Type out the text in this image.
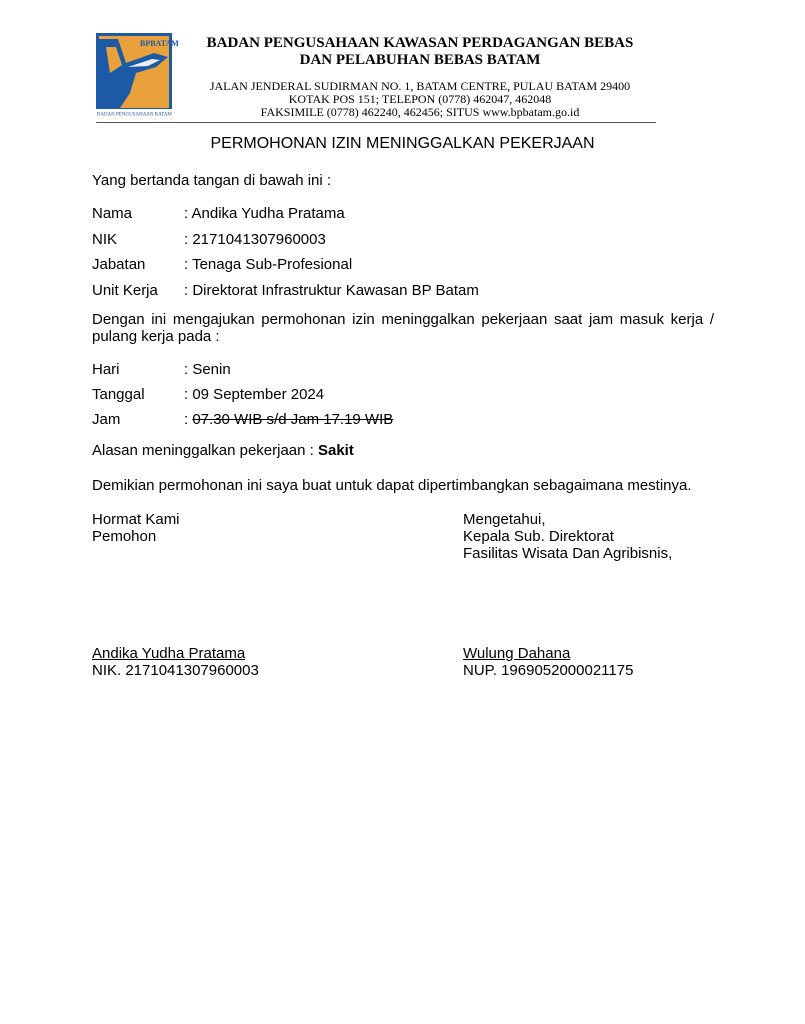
BPBATAM
BADAN PENGUSAHAAN BATAM
BADAN PENGUSAHAAN KAWASAN PERDAGANGAN BEBAS
DAN PELABUHAN BEBAS BATAM
JALAN JENDERAL SUDIRMAN NO. 1, BATAM CENTRE, PULAU BATAM 29400
KOTAK POS 151; TELEPON (0778) 462047, 462048
FAKSIMILE (0778) 462240, 462456; SITUS www.bpbatam.go.id
PERMOHONAN IZIN MENINGGALKAN PEKERJAAN
Yang bertanda tangan di bawah ini :
Nama	: Andika Yudha Pratama
NIK	: 2171041307960003
Jabatan	: Tenaga Sub-Profesional
Unit Kerja : Direktorat Infrastruktur Kawasan BP Batam
Dengan ini mengajukan permohonan izin meninggalkan pekerjaan saat jam masuk kerja / pulang kerja pada :
Hari	: Senin
Tanggal	: 09 September 2024
Jam	: 07.30 WIB s/d Jam 17.19 WIB
Alasan meninggalkan pekerjaan : Sakit
Demikian permohonan ini saya buat untuk dapat dipertimbangkan sebagaimana mestinya.
Hormat Kami
Pemohon
Andika Yudha Pratama
NIK. 2171041307960003
Mengetahui,
Kepala Sub. Direktorat
Fasilitas Wisata Dan Agribisnis,
Wulung Dahana
NUP. 1969052000021175
